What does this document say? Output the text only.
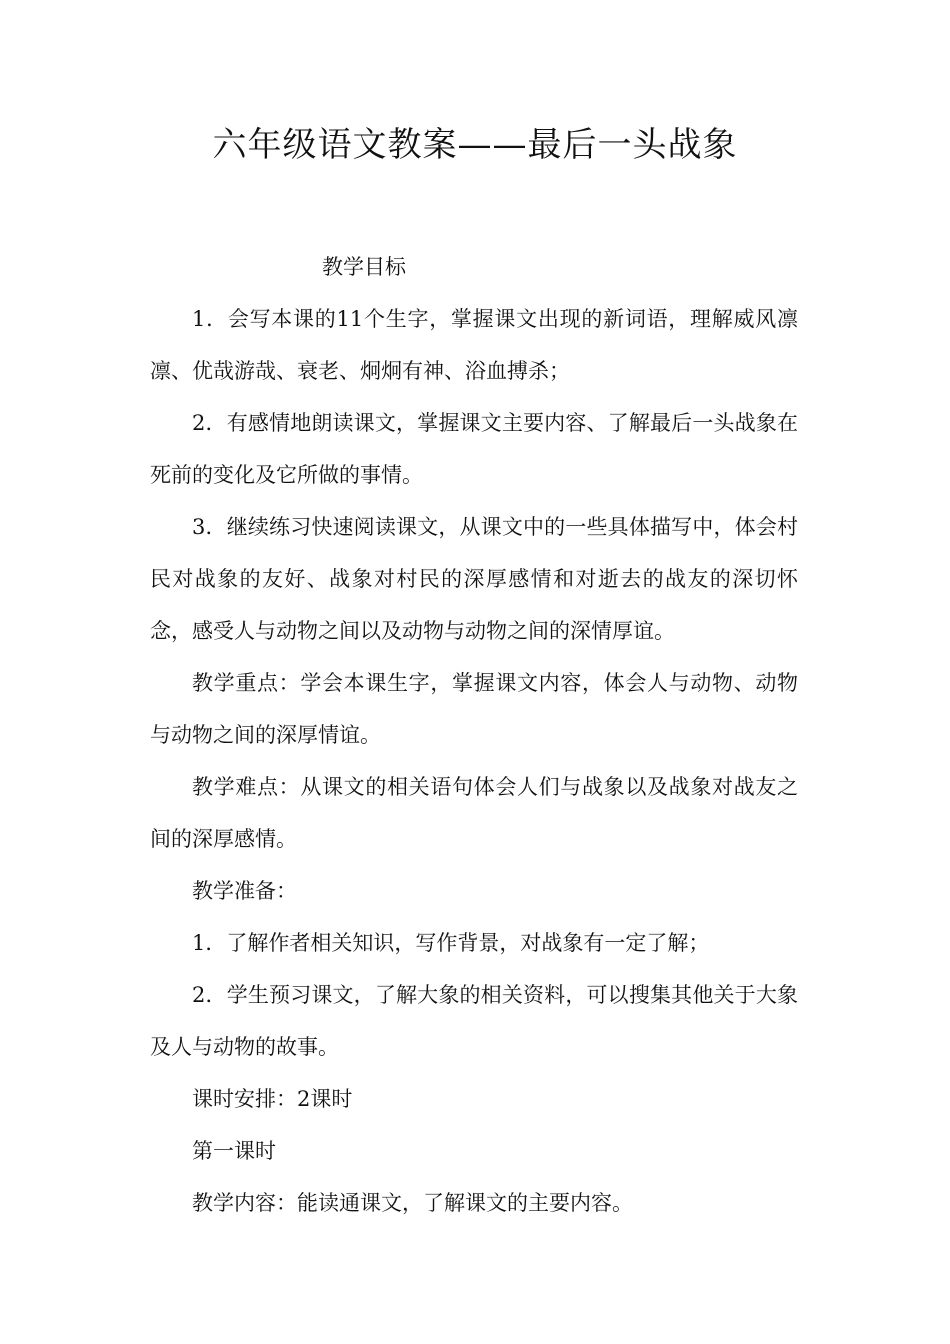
六年级语文教案——最后一头战象

教学目标

1．会写本课的11个生字，掌握课文出现的新词语，理解威风凛凛、优哉游哉、衰老、炯炯有神、浴血搏杀；

2．有感情地朗读课文，掌握课文主要内容、了解最后一头战象在死前的变化及它所做的事情。

3．继续练习快速阅读课文，从课文中的一些具体描写中，体会村民对战象的友好、战象对村民的深厚感情和对逝去的战友的深切怀念，感受人与动物之间以及动物与动物之间的深情厚谊。

教学重点：学会本课生字，掌握课文内容，体会人与动物、动物与动物之间的深厚情谊。

教学难点：从课文的相关语句体会人们与战象以及战象对战友之间的深厚感情。

教学准备：

1．了解作者相关知识，写作背景，对战象有一定了解；

2．学生预习课文，了解大象的相关资料，可以搜集其他关于大象及人与动物的故事。

课时安排：2课时

第一课时

教学内容：能读通课文，了解课文的主要内容。
